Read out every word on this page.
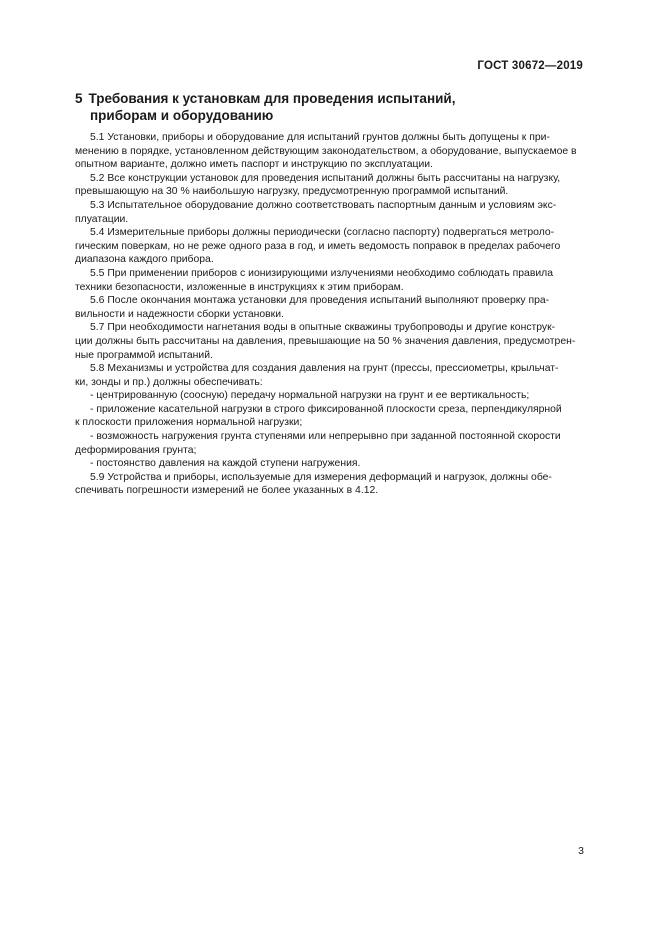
ГОСТ 30672—2019
5 Требования к установкам для проведения испытаний,
приборам и оборудованию
5.1 Установки, приборы и оборудование для испытаний грунтов должны быть допущены к при-
менению в порядке, установленном действующим законодательством, а оборудование, выпускаемое в
опытном варианте, должно иметь паспорт и инструкцию по эксплуатации.
5.2 Все конструкции установок для проведения испытаний должны быть рассчитаны на нагрузку,
превышающую на 30 % наибольшую нагрузку, предусмотренную программой испытаний.
5.3 Испытательное оборудование должно соответствовать паспортным данным и условиям экс-
плуатации.
5.4 Измерительные приборы должны периодически (согласно паспорту) подвергаться метроло-
гическим поверкам, но не реже одного раза в год, и иметь ведомость поправок в пределах рабочего
диапазона каждого прибора.
5.5 При применении приборов с ионизирующими излучениями необходимо соблюдать правила
техники безопасности, изложенные в инструкциях к этим приборам.
5.6 После окончания монтажа установки для проведения испытаний выполняют проверку пра-
вильности и надежности сборки установки.
5.7 При необходимости нагнетания воды в опытные скважины трубопроводы и другие конструк-
ции должны быть рассчитаны на давления, превышающие на 50 % значения давления, предусмотрен-
ные программой испытаний.
5.8 Механизмы и устройства для создания давления на грунт (прессы, прессиометры, крыльчат-
ки, зонды и пр.) должны обеспечивать:
- центрированную (соосную) передачу нормальной нагрузки на грунт и ее вертикальность;
- приложение касательной нагрузки в строго фиксированной плоскости среза, перпендикулярной
к плоскости приложения нормальной нагрузки;
- возможность нагружения грунта ступенями или непрерывно при заданной постоянной скорости
деформирования грунта;
- постоянство давления на каждой ступени нагружения.
5.9 Устройства и приборы, используемые для измерения деформаций и нагрузок, должны обе-
спечивать погрешности измерений не более указанных в 4.12.
3
